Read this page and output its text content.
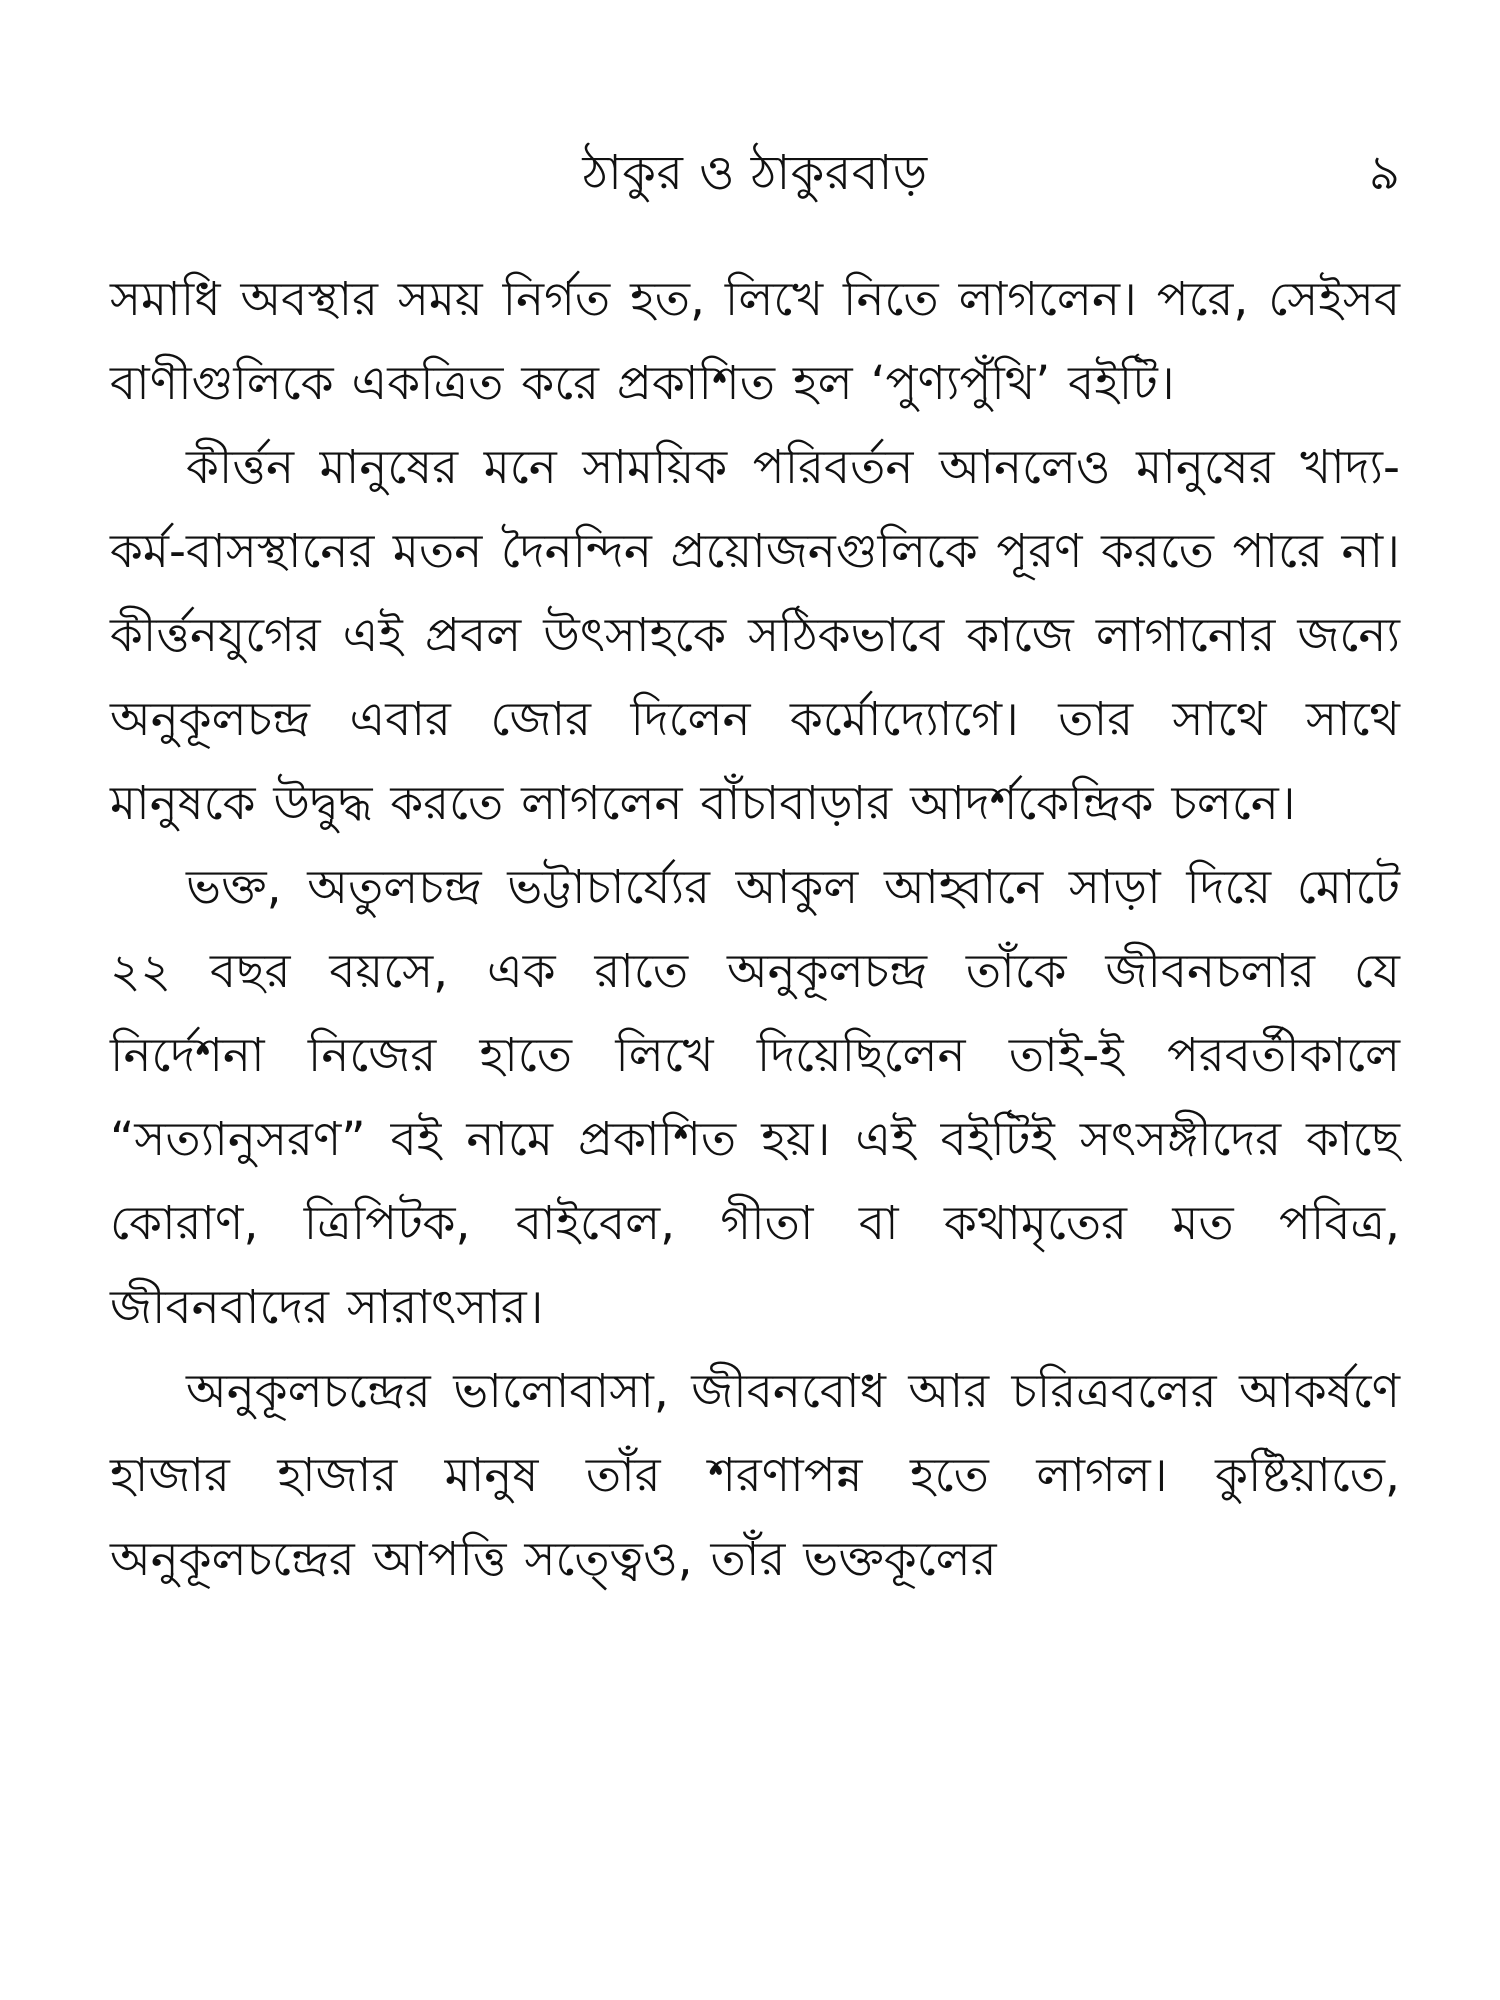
ঠাকুর ও ঠাকুরবাড়	৯

সমাধি অবস্থার সময় নির্গত হত, লিখে নিতে লাগলেন। পরে, সেইসব বাণীগুলিকে একত্রিত করে প্রকাশিত হল ‘পুণ্যপুঁথি’ বইটি।

কীর্ত্তন মানুষের মনে সাময়িক পরিবর্তন আনলেও মানুষের খাদ্য-কর্ম-বাসস্থানের মতন দৈনন্দিন প্রয়োজনগুলিকে পূরণ করতে পারে না। কীর্ত্তনযুগের এই প্রবল উৎসাহকে সঠিকভাবে কাজে লাগানোর জন্যে অনুকূলচন্দ্র এবার জোর দিলেন কর্মোদ্যোগে। তার সাথে সাথে মানুষকে উদ্বুদ্ধ করতে লাগলেন বাঁচাবাড়ার আদর্শকেন্দ্রিক চলনে।

ভক্ত, অতুলচন্দ্র ভট্টাচার্য্যের আকুল আহ্বানে সাড়া দিয়ে মোটে ২২ বছর বয়সে, এক রাতে অনুকূলচন্দ্র তাঁকে জীবনচলার যে নির্দেশনা নিজের হাতে লিখে দিয়েছিলেন তাই-ই পরবর্তীকালে “সত্যানুসরণ” বই নামে প্রকাশিত হয়। এই বইটিই সৎসঙ্গীদের কাছে কোরাণ, ত্রিপিটক, বাইবেল, গীতা বা কথামৃতের মত পবিত্র, জীবনবাদের সারাৎসার।

অনুকূলচন্দ্রের ভালোবাসা, জীবনবোধ আর চরিত্রবলের আকর্ষণে হাজার হাজার মানুষ তাঁর শরণাপন্ন হতে লাগল। কুষ্টিয়াতে, অনুকূলচন্দ্রের আপত্তি সত্ত্বেও, তাঁর ভক্তকূলের
